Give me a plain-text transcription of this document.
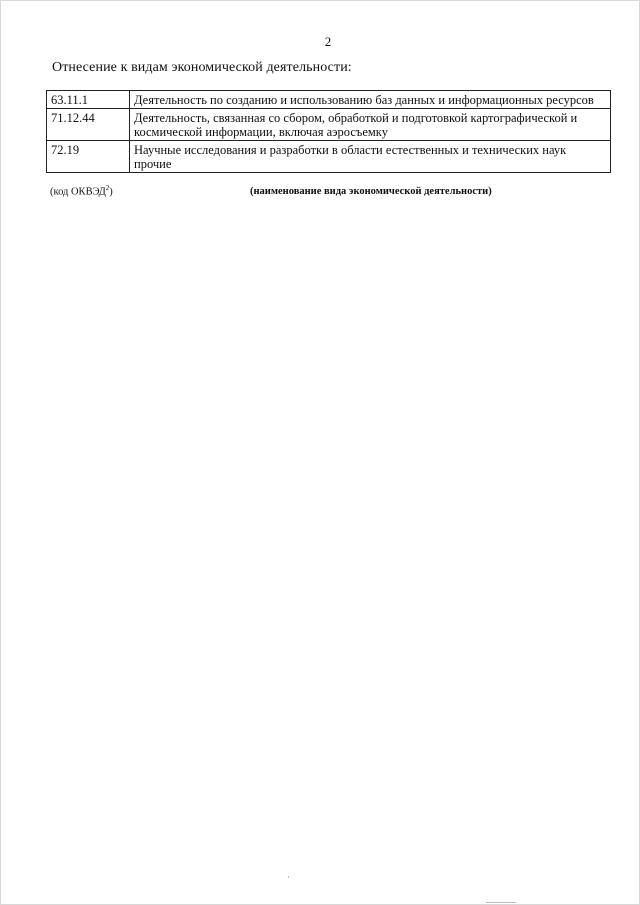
2
Отнесение к видам экономической деятельности:
63.11.1	Деятельность по созданию и использованию баз данных и информационных ресурсов
71.12.44	Деятельность, связанная со сбором, обработкой и подготовкой картографической и космической информации, включая аэросъемку
72.19	Научные исследования и разработки в области естественных и технических наук прочие
(код ОКВЭД$^2$)	(наименование вида экономической деятельности)
